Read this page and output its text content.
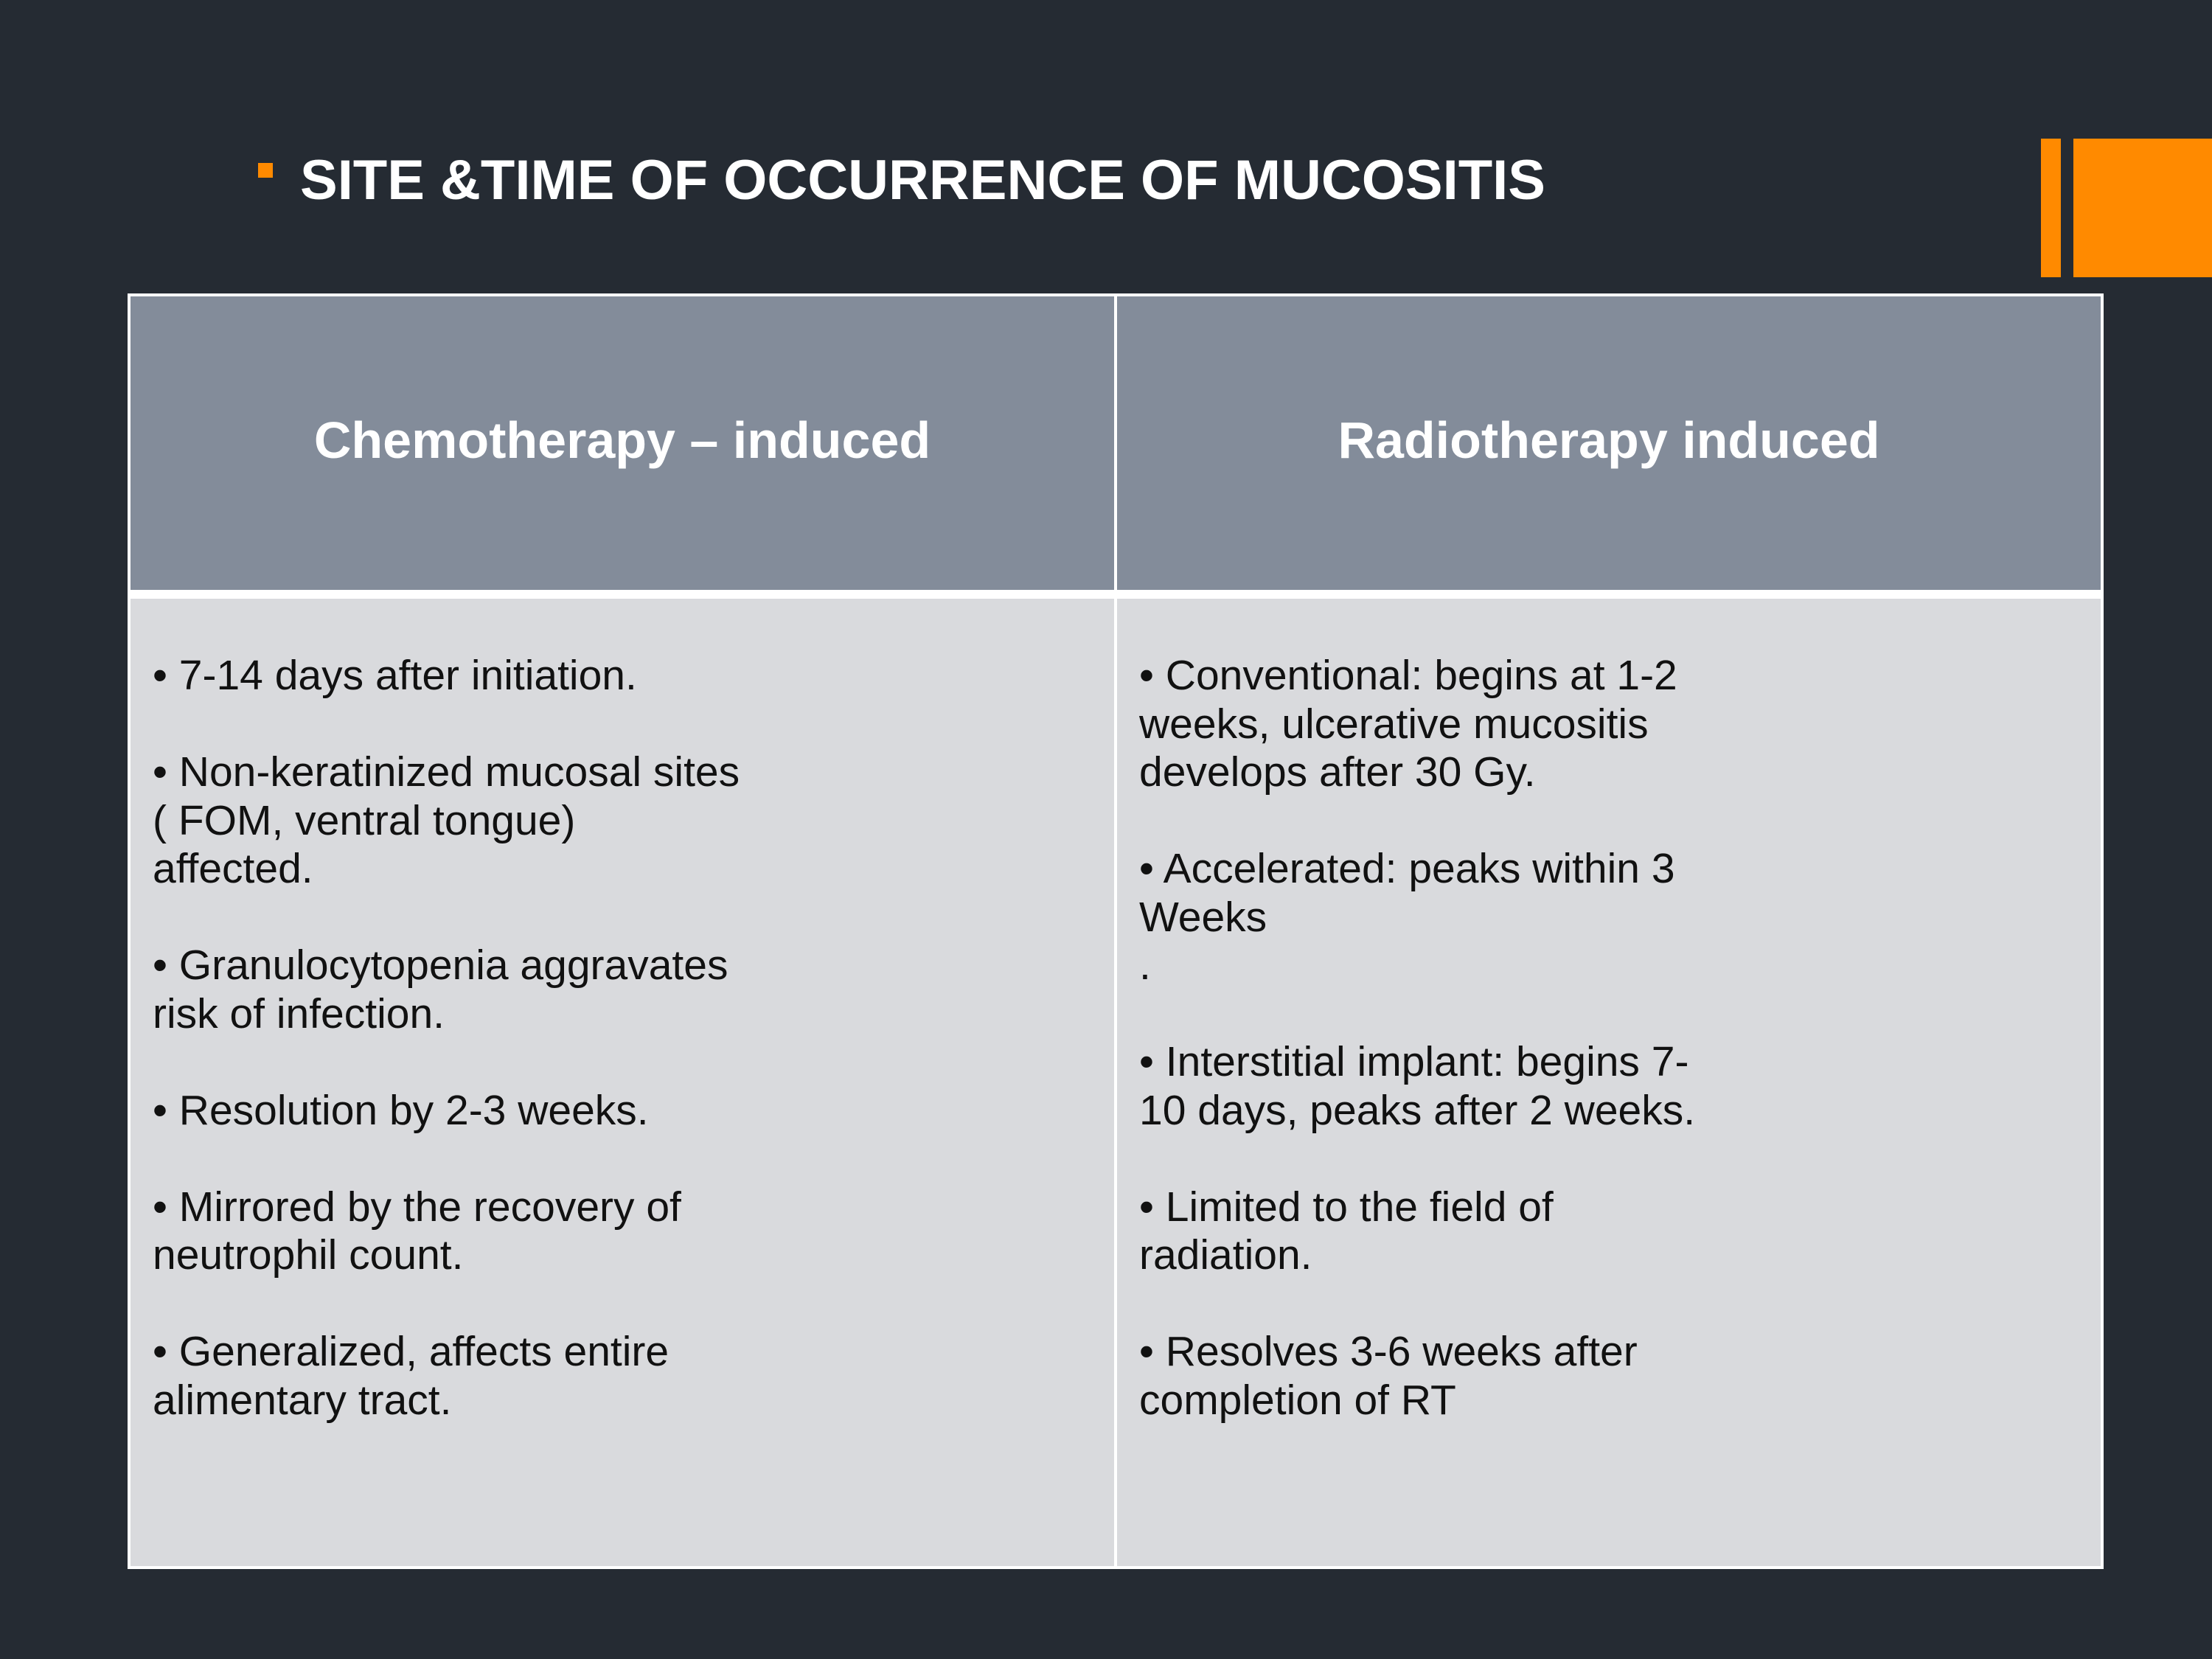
SITE &TIME OF OCCURRENCE OF MUCOSITIS
Chemotherapy – induced	Radiotherapy induced
• 7-14 days after initiation.
• Non-keratinized mucosal sites
( FOM, ventral tongue)
affected.
• Granulocytopenia aggravates
risk of infection.
• Resolution by 2-3 weeks.
• Mirrored by the recovery of
neutrophil count.
• Generalized, affects entire
alimentary tract.
• Conventional: begins at 1-2
weeks, ulcerative mucositis
develops after 30 Gy.
• Accelerated: peaks within 3
Weeks
.
• Interstitial implant: begins 7-
10 days, peaks after 2 weeks.
• Limited to the field of
radiation.
• Resolves 3-6 weeks after
completion of RT
